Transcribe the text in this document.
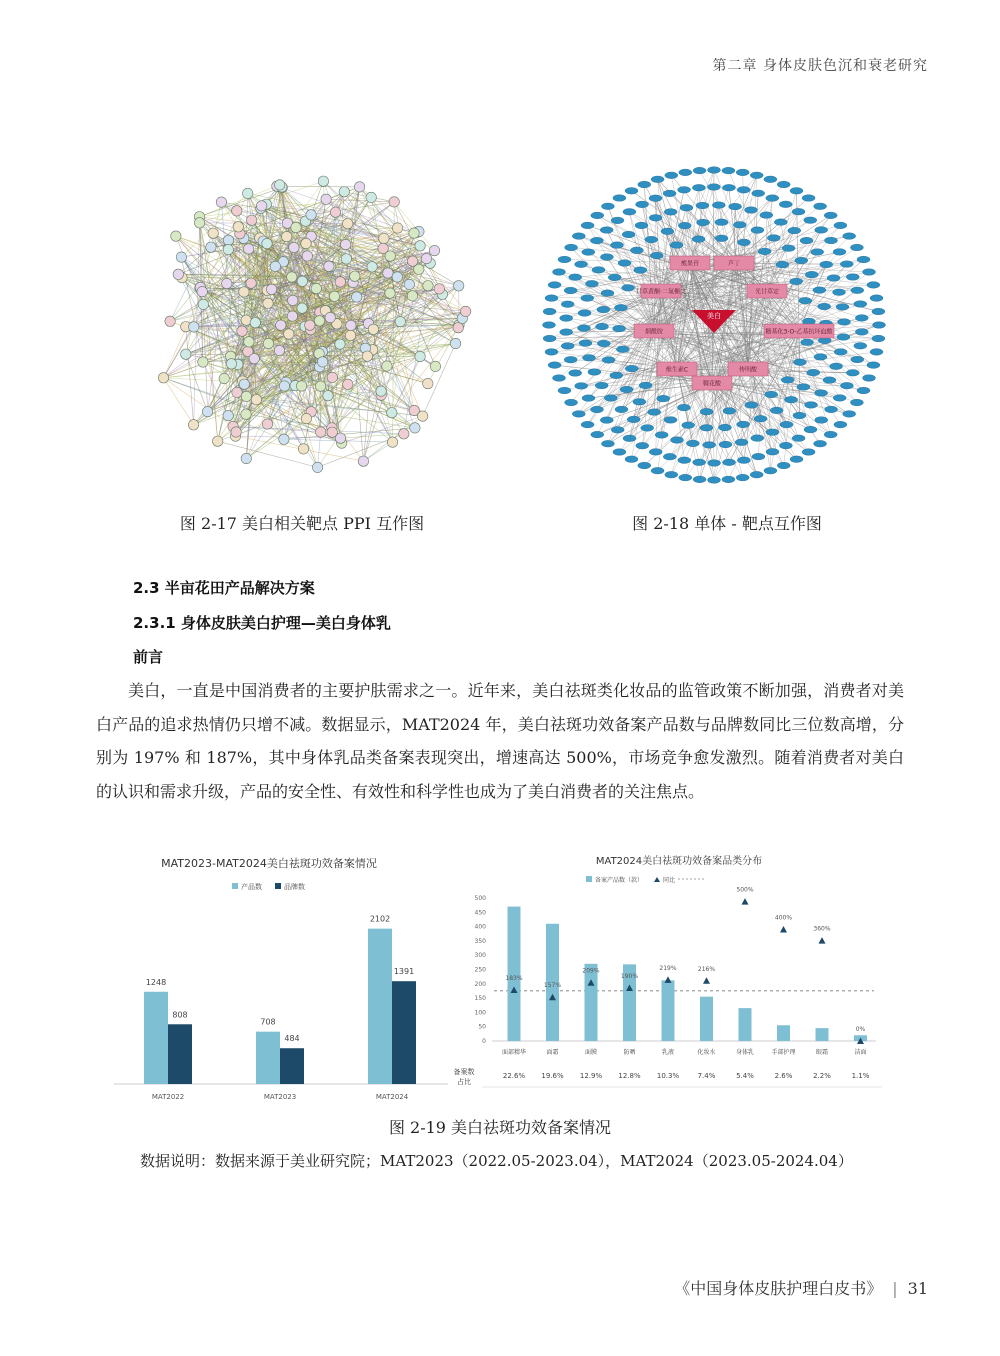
第二章 身体皮肤色沉和衰老研究
图 2-17 美白相关靶点 PPI 互作图
熊果苷	芦丁
甘草黄酮·二氢槲皮	光甘草定
烟酰胺	糖基化3-O-乙基抗坏血酸
维生素C	传明酸
鞣花酸
美白
图 2-18 单体 - 靶点互作图
2.3 半亩花田产品解决方案
2.3.1 身体皮肤美白护理—美白身体乳
前言

美白，一直是中国消费者的主要护肤需求之一。近年来，美白祛斑类化妆品的监管政策不断加强，消费者对美白产品的追求热情仍只增不减。数据显示，MAT2024 年，美白祛斑功效备案产品数与品牌数同比三位数高增，分别为 197% 和 187%，其中身体乳品类备案表现突出，增速高达 500%，市场竞争愈发激烈。随着消费者对美白的认识和需求升级，产品的安全性、有效性和科学性也成为了美白消费者的关注焦点。

MAT2023-MAT2024美白祛斑功效备案情况
产品数	品牌数
1248
808
MAT2022
708
484
MAT2023
2102
1391
MAT2024
MAT2024美白祛斑功效备案品类分布
备案产品数（款）	同比
0
50
100
150
200
250
300
350
400
450
500
183%
面部精华
22.6%
157%
面霜
19.6%
209%
面膜
12.9%
190%
防晒
12.8%
219%
乳液
10.3%
216%
化妆水
7.4%
500%
身体乳
5.4%
400%
手部护理
2.6%
360%
眼霜
2.2%
0%
洁面
1.1%
备案数
占比
图 2-19 美白祛斑功效备案情况
数据说明：数据来源于美业研究院；MAT2023（2022.05-2023.04），MAT2024（2023.05-2024.04）
《中国身体皮肤护理白皮书》 | 31
